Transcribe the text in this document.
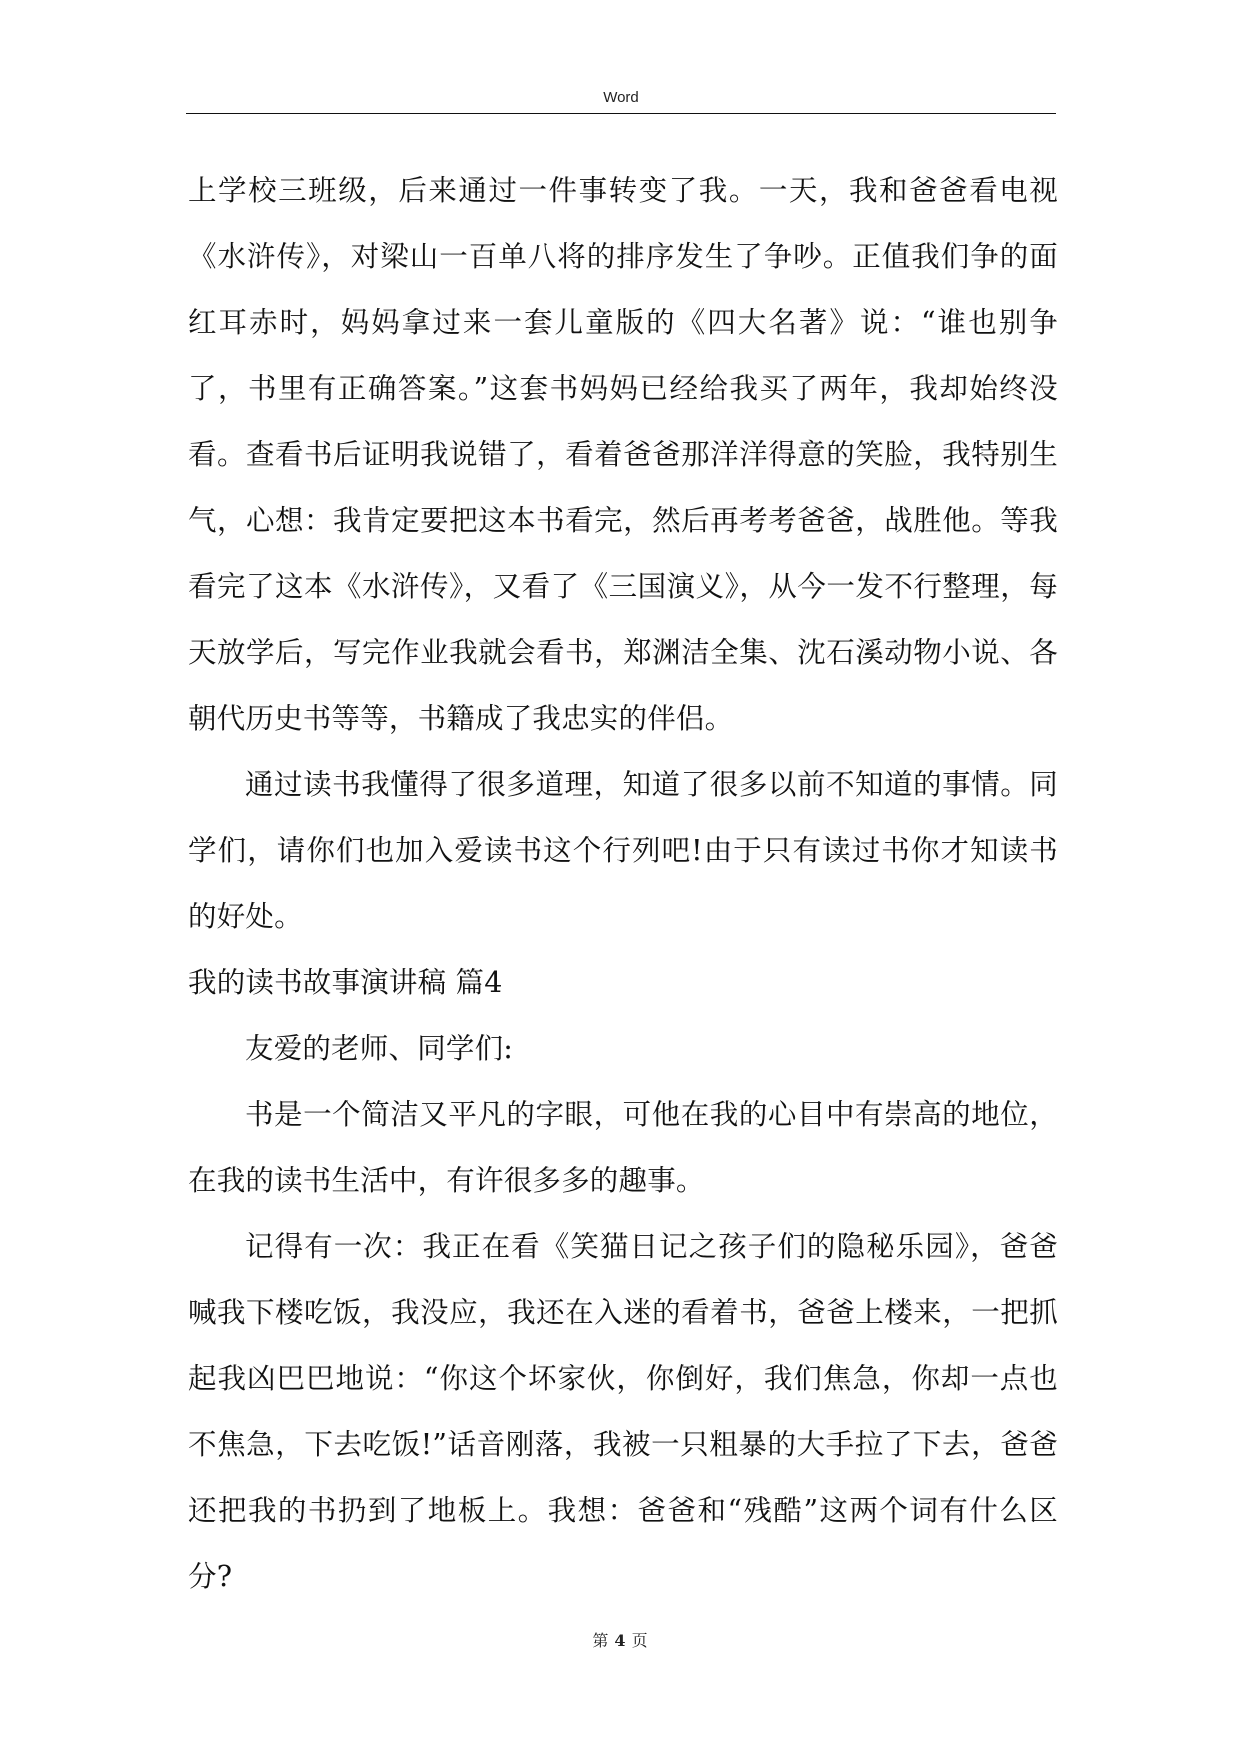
Word

上学校三班级，后来通过一件事转变了我。一天，我和爸爸看电视《水浒传》，对梁山一百单八将的排序发生了争吵。正值我们争的面红耳赤时，妈妈拿过来一套儿童版的《四大名著》说：“谁也别争了，书里有正确答案。”这套书妈妈已经给我买了两年，我却始终没看。查看书后证明我说错了，看着爸爸那洋洋得意的笑脸，我特别生气，心想：我肯定要把这本书看完，然后再考考爸爸，战胜他。等我看完了这本《水浒传》，又看了《三国演义》，从今一发不行整理，每天放学后，写完作业我就会看书，郑渊洁全集、沈石溪动物小说、各朝代历史书等等，书籍成了我忠实的伴侣。

通过读书我懂得了很多道理，知道了很多以前不知道的事情。同学们，请你们也加入爱读书这个行列吧!由于只有读过书你才知读书的好处。

我的读书故事演讲稿 篇4

友爱的老师、同学们:

书是一个简洁又平凡的字眼，可他在我的心目中有崇高的地位，在我的读书生活中，有许很多多的趣事。

记得有一次：我正在看《笑猫日记之孩子们的隐秘乐园》，爸爸喊我下楼吃饭，我没应，我还在入迷的看着书，爸爸上楼来，一把抓起我凶巴巴地说：“你这个坏家伙，你倒好，我们焦急，你却一点也不焦急，下去吃饭!”话音刚落，我被一只粗暴的大手拉了下去，爸爸还把我的书扔到了地板上。我想：爸爸和“残酷”这两个词有什么区分?

第 4 页
